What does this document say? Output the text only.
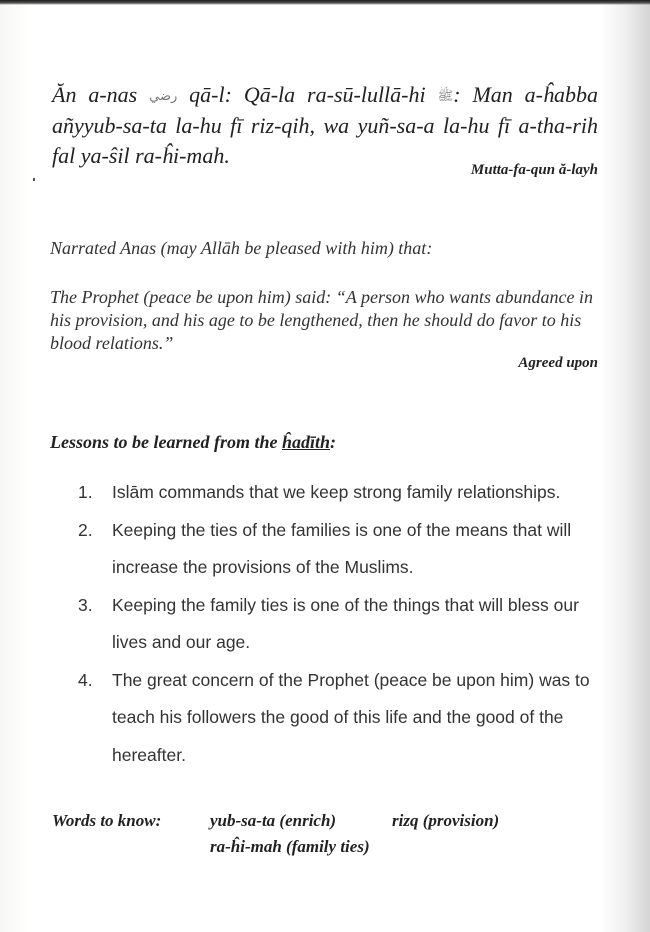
Ăn a-nas رضي qā-l: Qā-la ra-sū-lullā-hi ﷺ: Man a-ĥabba añyyub-sa-ta la-hu fī riz-qih, wa yuñ-sa-a la-hu fī a-tha-rih fal ya-ŝil ra-ĥi-mah.
Mutta-fa-qun ă-layh
Narrated Anas (may Allāh be pleased with him) that:
The Prophet (peace be upon him) said: “A person who wants abundance in his provision, and his age to be lengthened, then he should do favor to his blood relations.”
Agreed upon
Lessons to be learned from the ĥadīth:
1.	Islām commands that we keep strong family relationships.
2.	Keeping the ties of the families is one of the means that will increase the provisions of the Muslims.
3.	Keeping the family ties is one of the things that will bless our lives and our age.
4.	The great concern of the Prophet (peace be upon him) was to teach his followers the good of this life and the good of the hereafter.
Words to know:	yub-sa-ta (enrich)	rizq (provision)
ra-ĥi-mah (family ties)
